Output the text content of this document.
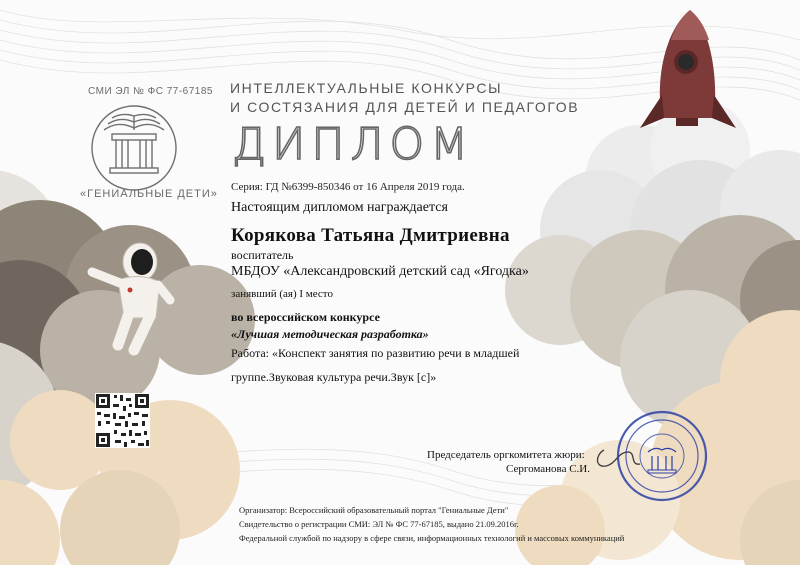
СМИ ЭЛ № ФС 77-67185
«ГЕНИАЛЬНЫЕ ДЕТИ»
ИНТЕЛЛЕКТУАЛЬНЫЕ КОНКУРСЫ
И СОСТЯЗАНИЯ ДЛЯ ДЕТЕЙ И ПЕДАГОГОВ
ДИПЛОМ
Серия: ГД №6399-850346 от 16 Апреля 2019 года.
Настоящим дипломом награждается
Корякова Татьяна Дмитриевна
воспитатель
МБДОУ «Александровский детский сад «Ягодка»
занявший (ая) I место
во всероссийском конкурсе
«Лучшая методическая разработка»
Работа: «Конспект занятия по развитию речи в младшей
группе.Звуковая культура речи.Звук [с]»
Председатель оргкомитета жюри:
Сергоманова С.И.
Организатор: Всероссийский образовательный портал "Гениальные Дети"
Свидетельство о регистрации СМИ: ЭЛ № ФС 77-67185, выдано 21.09.2016г.
Федеральной службой по надзору в сфере связи, информационных технологий и массовых коммуникаций
